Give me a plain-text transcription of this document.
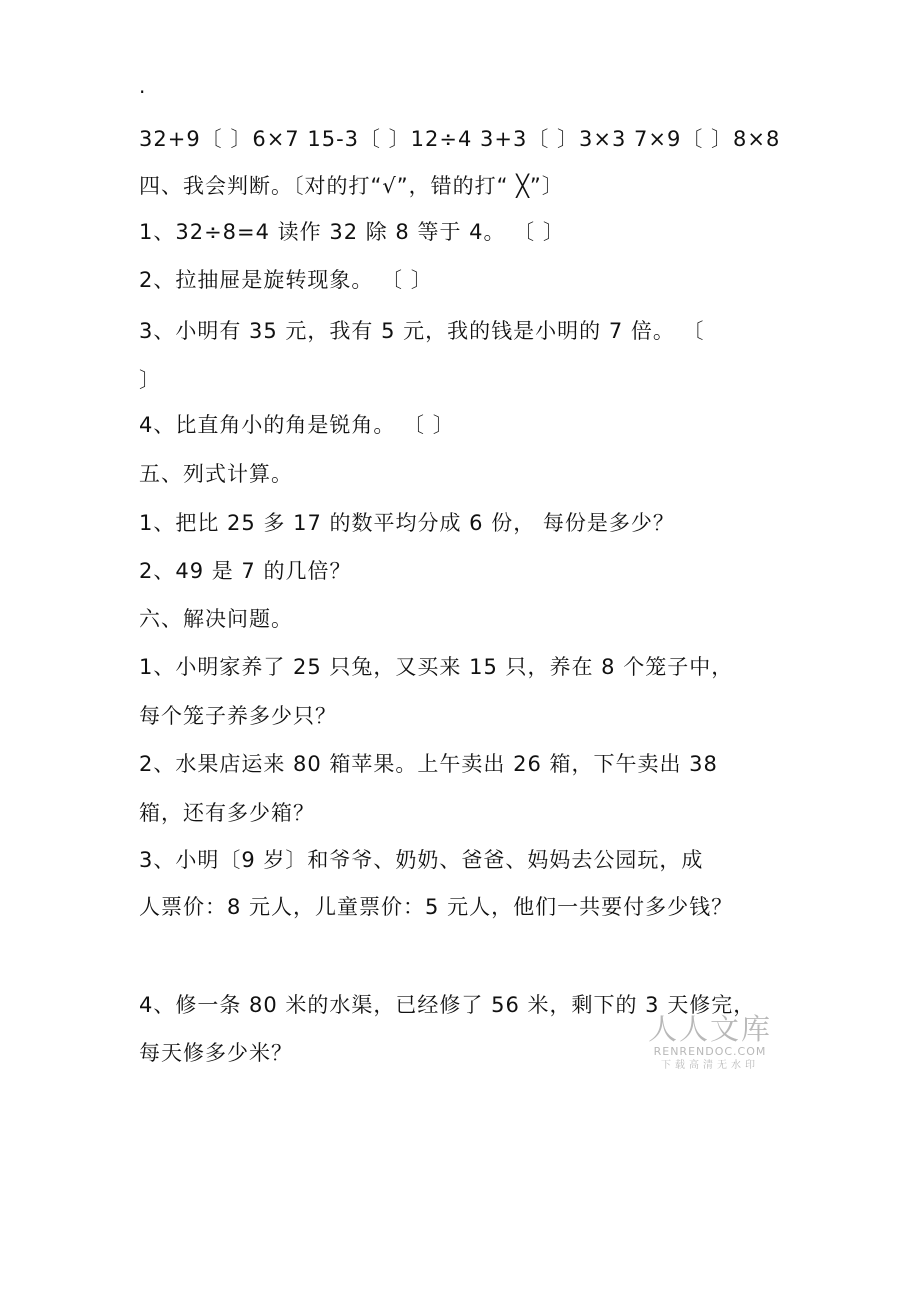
.
32+9〔 〕6×7 15-3〔 〕12÷4 3+3〔 〕3×3 7×9〔 〕8×8
四、我会判断。〔对的打“√”，错的打“ ╳”〕
1、32÷8=4 读作 32 除 8 等于 4。 〔 〕
2、拉抽屉是旋转现象。 〔 〕
3、小明有 35 元，我有 5 元，我的钱是小明的 7 倍。 〔
〕
4、比直角小的角是锐角。 〔 〕
五、列式计算。
1、把比 25 多 17 的数平均分成 6 份， 每份是多少？
2、49 是 7 的几倍？
六、解决问题。
1、小明家养了 25 只兔，又买来 15 只，养在 8 个笼子中，
每个笼子养多少只？
2、水果店运来 80 箱苹果。上午卖出 26 箱，下午卖出 38
箱，还有多少箱？
3、小明〔9 岁〕和爷爷、奶奶、爸爸、妈妈去公园玩，成
人票价：8 元人，儿童票价：5 元人，他们一共要付多少钱？
4、修一条 80 米的水渠，已经修了 56 米，剩下的 3 天修完，
每天修多少米？
人人文库
RENRENDOC.COM
下载高清无水印
